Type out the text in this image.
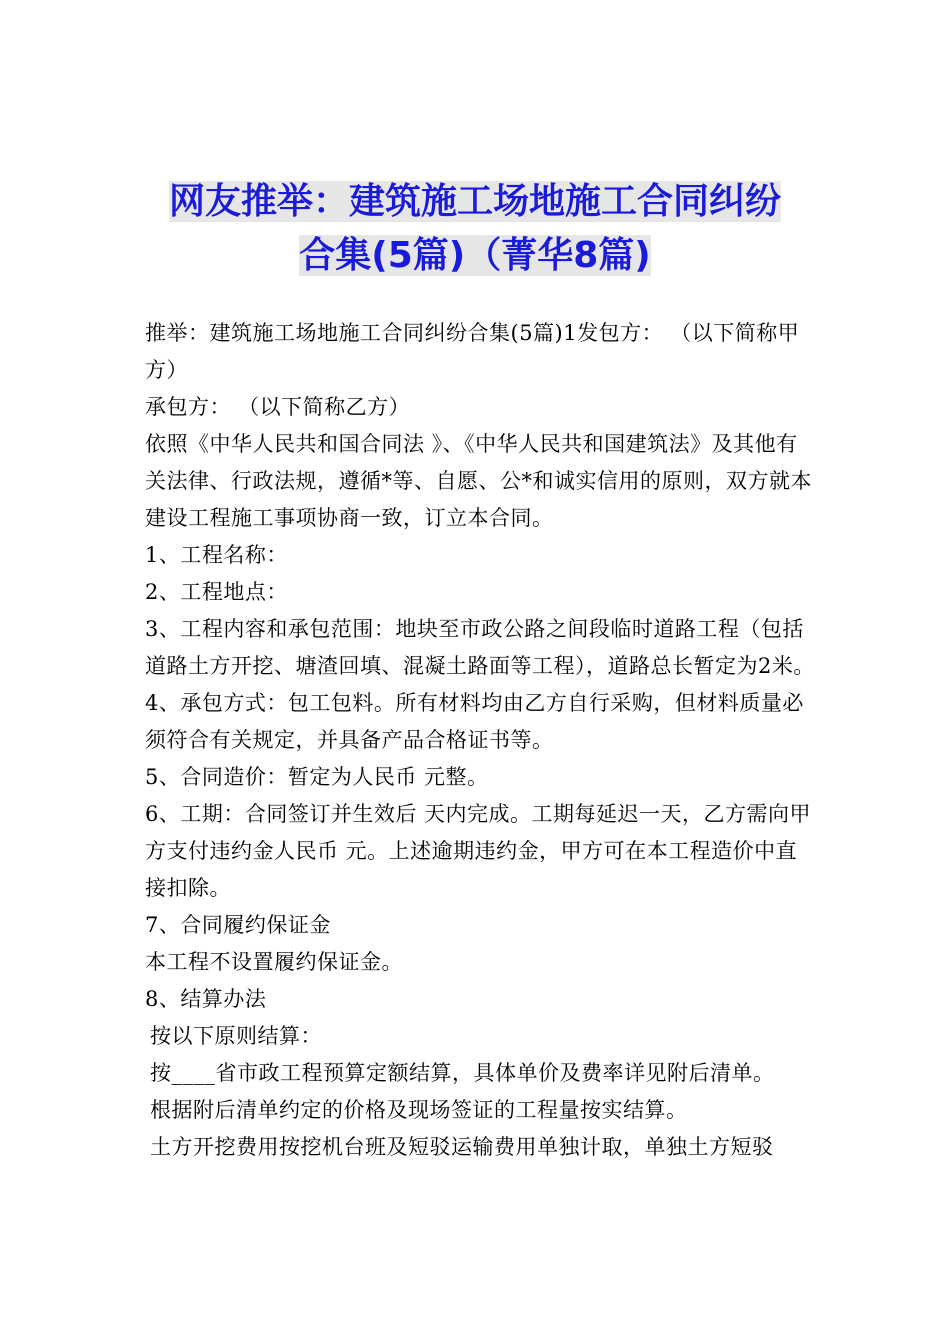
网友推举：建筑施工场地施工合同纠纷
合集(5篇)（菁华8篇)

推举：建筑施工场地施工合同纠纷合集(5篇)1发包方： （以下简称甲方）

承包方： （以下简称乙方）

依照《中华人民共和国合同法 》、《中华人民共和国建筑法》及其他有关法律、行政法规，遵循*等、自愿、公*和诚实信用的原则，双方就本建设工程施工事项协商一致，订立本合同。

1、工程名称：

2、工程地点：

3、工程内容和承包范围：地块至市政公路之间段临时道路工程（包括道路土方开挖、塘渣回填、混凝土路面等工程），道路总长暂定为2米。

4、承包方式：包工包料。所有材料均由乙方自行采购，但材料质量必须符合有关规定，并具备产品合格证书等。

5、合同造价：暂定为人民币 元整。

6、工期：合同签订并生效后 天内完成。工期每延迟一天，乙方需向甲方支付违约金人民币 元。上述逾期违约金，甲方可在本工程造价中直接扣除。

7、合同履约保证金

本工程不设置履约保证金。

8、结算办法

按以下原则结算：

按____省市政工程预算定额结算，具体单价及费率详见附后清单。

根据附后清单约定的价格及现场签证的工程量按实结算。

土方开挖费用按挖机台班及短驳运输费用单独计取，单独土方短驳
